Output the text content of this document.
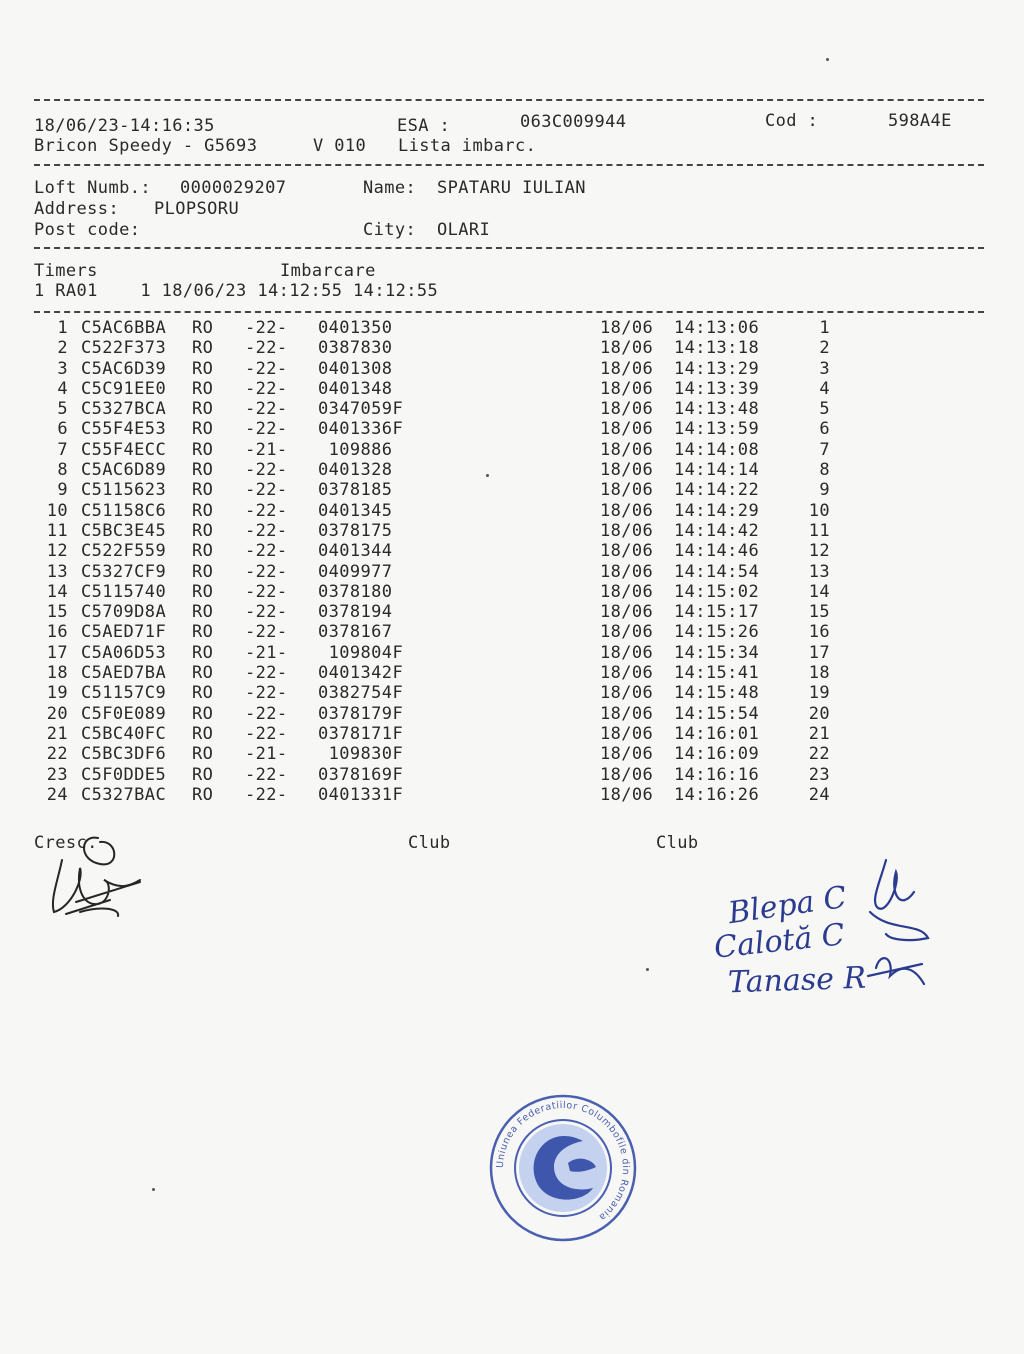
18/06/23-14:16:35	ESA :	063C009944	Cod :	598A4E
Bricon Speedy - G5693	V 010 Lista imbarc.
Loft Numb.: 0000029207	Name: SPATARU IULIAN
Address: PLOPSORU
Post code:	City: OLARI
Timers	Imbarcare
1 RA01    1 18/06/23 14:12:55 14:12:55
1 C5AC6BBA RO -22- 0401350	18/06 14:13:06	1
2 C522F373 RO -22- 0387830	18/06 14:13:18	2
3 C5AC6D39 RO -22- 0401308	18/06 14:13:29	3
4 C5C91EE0 RO -22- 0401348	18/06 14:13:39	4
5 C5327BCA RO -22- 0347059F	18/06 14:13:48	5
6 C55F4E53 RO -22- 0401336F	18/06 14:13:59	6
7 C55F4ECC RO -21- 109886	18/06 14:14:08	7
8 C5AC6D89 RO -22- 0401328	18/06 14:14:14	8
9 C5115623 RO -22- 0378185	18/06 14:14:22	9
10 C51158C6 RO -22- 0401345	18/06 14:14:29	10
11 C5BC3E45 RO -22- 0378175	18/06 14:14:42	11
12 C522F559 RO -22- 0401344	18/06 14:14:46	12
13 C5327CF9 RO -22- 0409977	18/06 14:14:54	13
14 C5115740 RO -22- 0378180	18/06 14:15:02	14
15 C5709D8A RO -22- 0378194	18/06 14:15:17	15
16 C5AED71F RO -22- 0378167	18/06 14:15:26	16
17 C5A06D53 RO -21- 109804F	18/06 14:15:34	17
18 C5AED7BA RO -22- 0401342F	18/06 14:15:41	18
19 C51157C9 RO -22- 0382754F	18/06 14:15:48	19
20 C5F0E089 RO -22- 0378179F	18/06 14:15:54	20
21 C5BC40FC RO -22- 0378171F	18/06 14:16:01	21
22 C5BC3DF6 RO -21- 109830F	18/06 14:16:09	22
23 C5F0DDE5 RO -22- 0378169F	18/06 14:16:16	23
24 C5327BAC RO -22- 0401331F	18/06 14:16:26	24
Cresc.	Club	Club
Blepa C
Calotă C
Tanase R
Uniunea Federatiilor Columbofile din Romania
